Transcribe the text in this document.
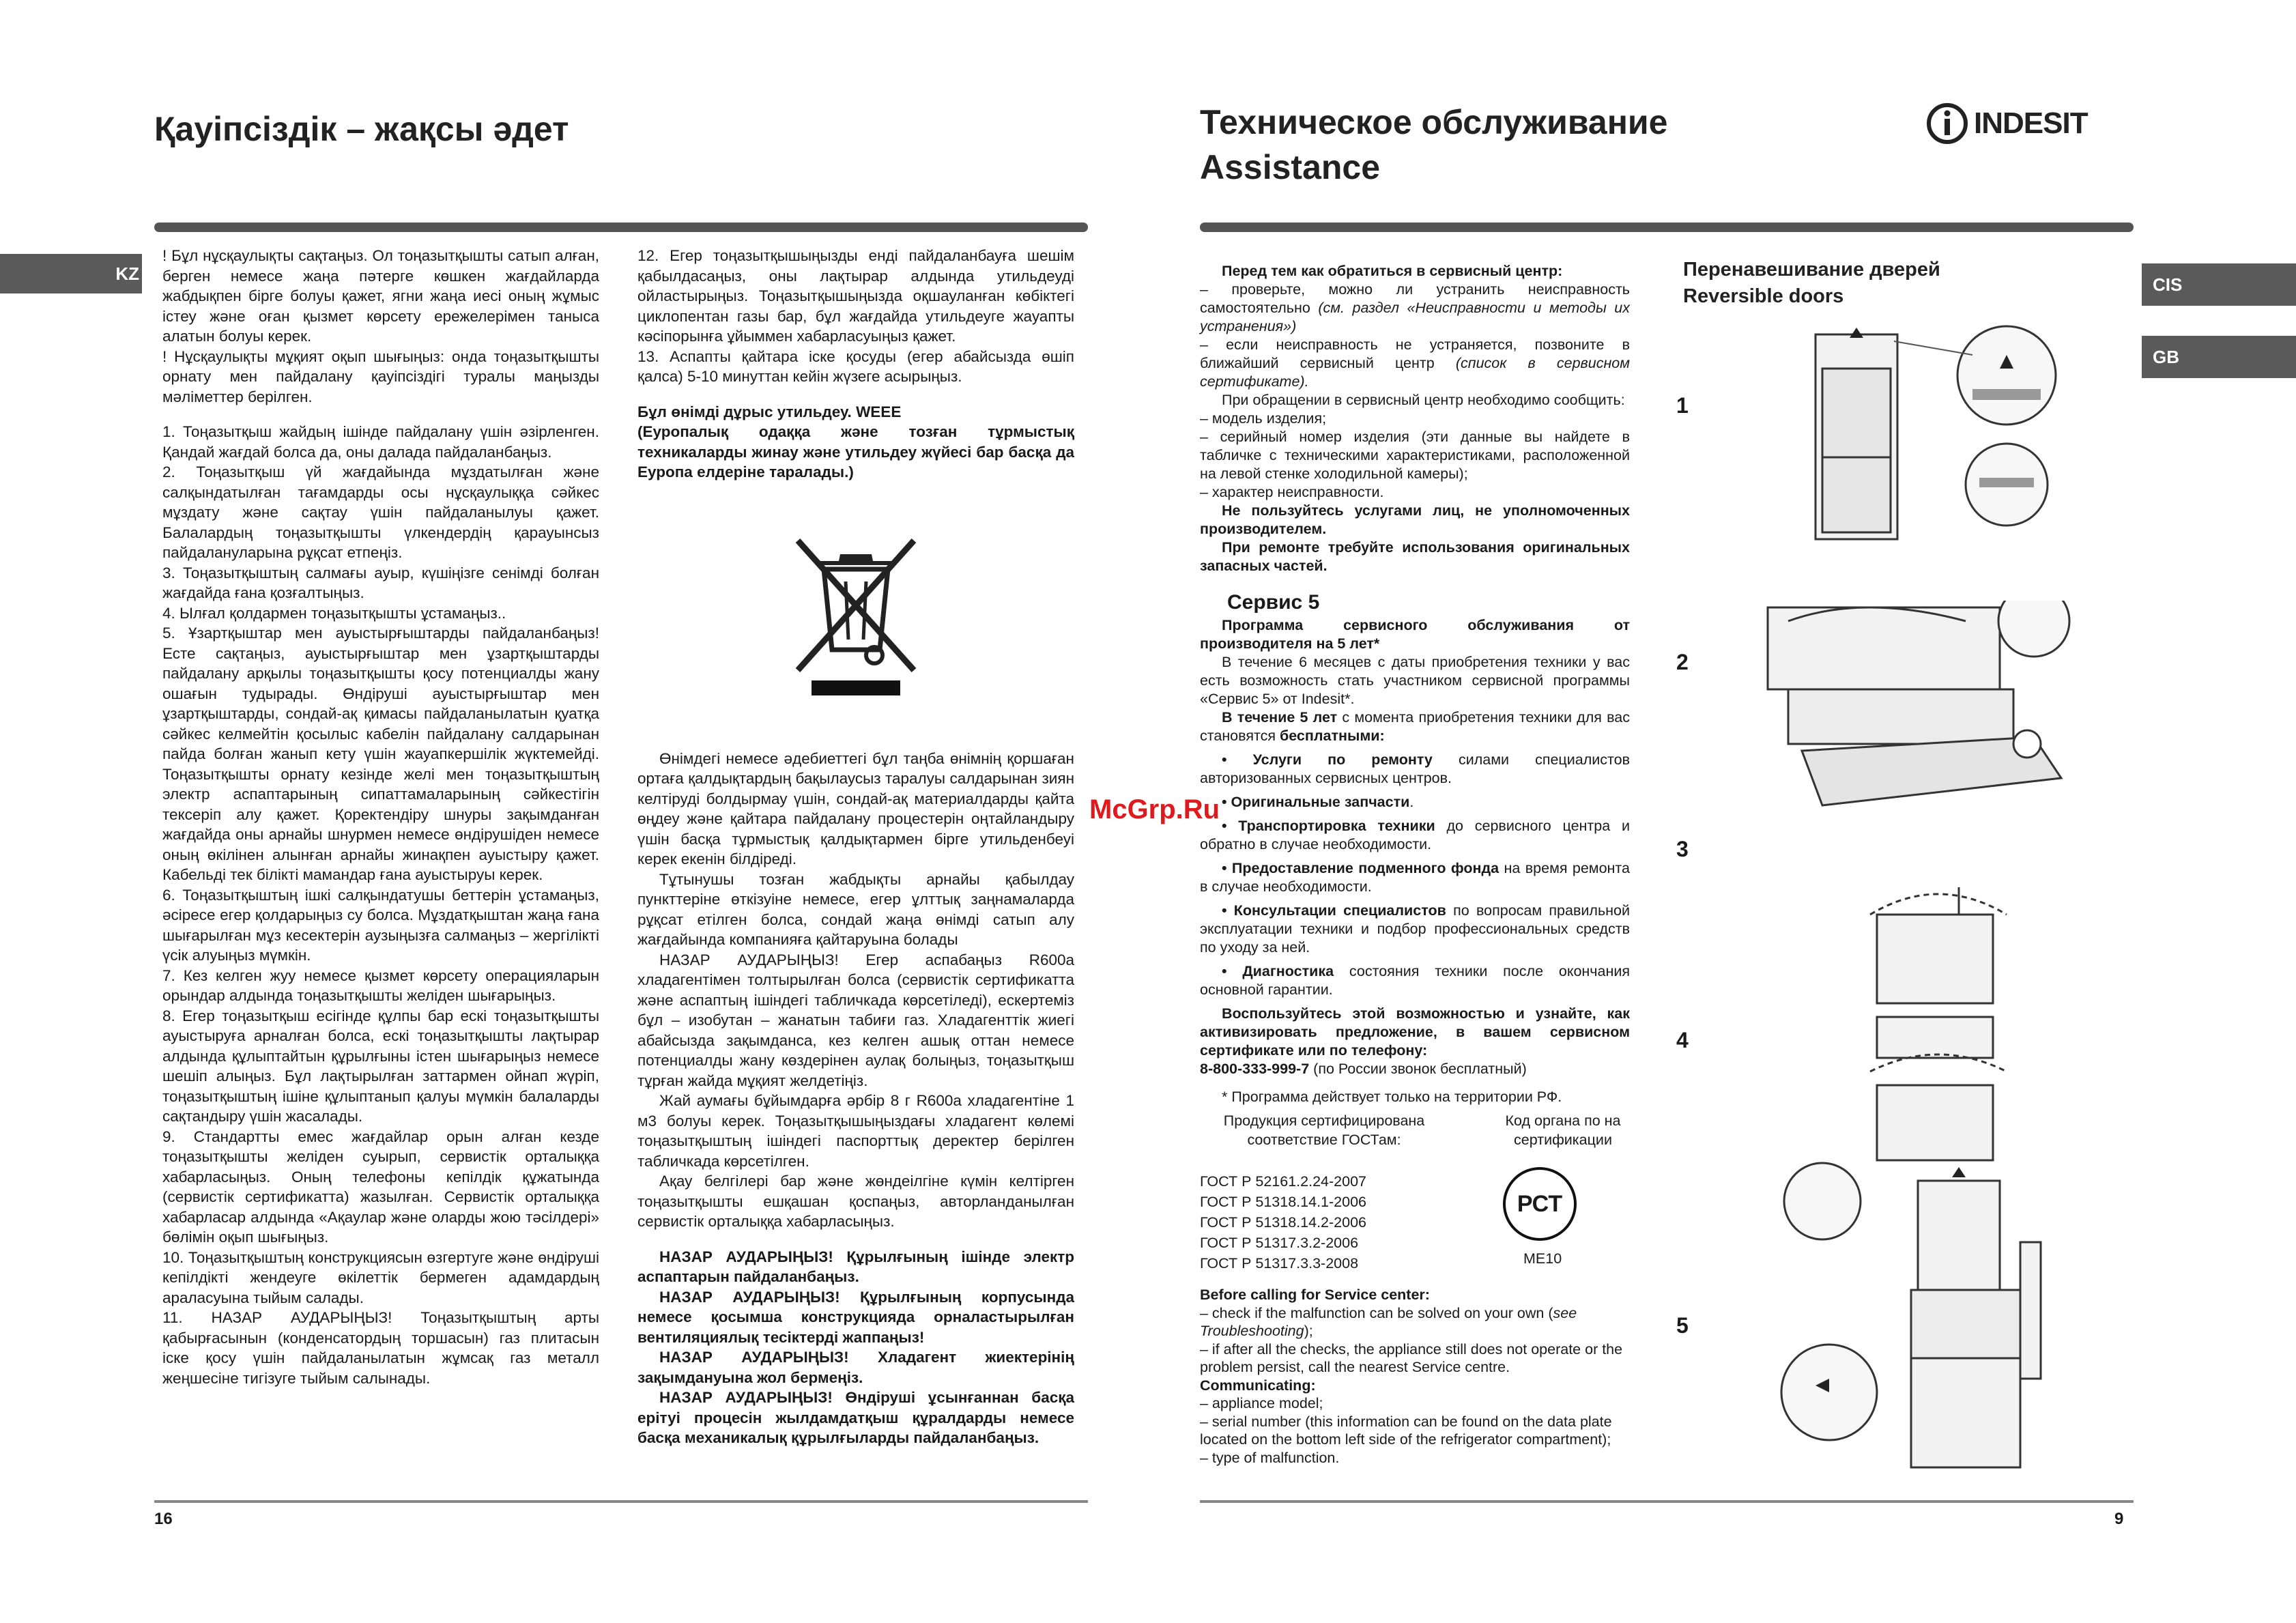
Қауіпсіздік – жақсы әдет
KZ

! Бұл нұсқаулықты сақтаңыз. Ол тоңазытқышты сатып алған, берген немесе жаңа пәтерге көшкен жағдайларда жабдықпен бірге болуы қажет, ягни жаңа иесі оның жұмыс істеу және оған қызмет көрсету ережелерімен таныса алатын болуы керек.

! Нұсқаулықты мұқият оқып шығыңыз: онда тоңазытқышты орнату мен пайдалану қауіпсіздігі туралы маңызды мәліметтер берілген.

1. Тоңазытқыш жайдың ішінде пайдалану үшін әзірленген. Қандай жағдай болса да, оны далада пайдаланбаңыз.

2. Тоңазытқыш үй жағдайында мұздатылған және салқындатылған тағамдарды осы нұсқаулыққа сәйкес мұздату және сақтау үшін пайдаланылуы қажет. Балалардың тоңазытқышты үлкендердің қарауынсыз пайдалануларына рұқсат етпеңіз.

3. Тоңазытқыштың салмағы ауыр, күшіңізге сенімді болған жағдайда ғана қозғалтыңыз.

4. Ылғал қолдармен тоңазытқышты ұстамаңыз..

5. Ұзартқыштар мен ауыстырғыштарды пайдаланбаңыз! Есте сақтаңыз, ауыстырғыштар мен ұзартқыштарды пайдалану арқылы тоңазытқышты қосу потенциалды жану ошағын тудырады. Өндіруші ауыстырғыштар мен ұзартқыштарды, сондай-ақ қимасы пайдаланылатын қуатқа сәйкес келмейтін қосылыс кабелін пайдалану салдарынан пайда болған жанып кету үшін жауапкершілік жүктемейді. Тоңазытқышты орнату кезінде желі мен тоңазытқыштың электр аспаптарының сипаттамаларының сәйкестігін тексеріп алу қажет. Қоректендіру шнуры зақымданған жағдайда оны арнайы шнурмен немесе өндірушіден немесе оның өкілінен алынған арнайы жинақпен ауыстыру қажет. Кабельді тек білікті мамандар ғана ауыстыруы керек.

6. Тоңазытқыштың ішкі салқындатушы беттерін ұстамаңыз, әсіресе егер қолдарыңыз су болса. Мұздатқыштан жаңа ғана шығарылған мұз кесектерін аузыңызға салмаңыз – жергілікті үсік алуыңыз мүмкін.

7. Кез келген жуу немесе қызмет көрсету операцияларын орындар алдында тоңазытқышты желіден шығарыңыз.

8. Егер тоңазытқыш есігінде құлпы бар ескі тоңазытқышты ауыстыруға арналған болса, ескі тоңазытқышты лақтырар алдында құлыптайтын құрылғыны істен шығарыңыз немесе шешіп алыңыз. Бұл лақтырылған заттармен ойнап жүріп, тоңазытқыштың ішіне құлыптанып қалуы мүмкін балаларды сақтандыру үшін жасалады.

9. Стандартты емес жағдайлар орын алған кезде тоңазытқышты желіден суырып, сервистік орталыққа хабарласыңыз. Оның телефоны кепілдік құжатында (сервистік сертификатта) жазылған. Сервистік орталыққа хабарласар алдында «Ақаулар және оларды жою тәсілдері» бөлімін оқып шығыңыз.

10. Тоңазытқыштың конструкциясын өзгертуге және өндіруші кепілдікті жендеуге өкілеттік бермеген адамдардың араласуына тыйым салады.

11. НАЗАР АУДАРЫҢЫЗ! Тоңазытқыштың арты қабырғасынын (конденсатордың торшасын) газ плитасын іске қосу үшін пайдаланылатын жұмсақ газ металл жеңшесіне тигізуге тыйым салынады.

12. Егер тоңазытқышыңызды енді пайдаланбауға шешім қабылдасаңыз, оны лақтырар алдында утильдеуді ойластырыңыз. Тоңазытқышыңызда оқшауланған көбіктегі циклопентан газы бар, бұл жағдайда утильдеуге жауапты кәсіпорынға ұйыммен хабарласуыңыз қажет.

13. Аспапты қайтара іске қосуды (егер абайсызда өшіп қалса) 5-10 минуттан кейін жүзеге асырыңыз.

Бұл өнімді дұрыс утильдеу. WEEE

(Еуропалық одаққа және тозған тұрмыстық техникаларды жинау және утильдеу жүйесі бар басқа да Еуропа елдеріне таралады.)

Өнімдегі немесе әдебиеттегі бұл таңба өнімнің қоршаған ортаға қалдықтардың бақылаусыз таралуы салдарынан зиян келтіруді болдырмау үшін, сондай-ақ материалдарды қайта өңдеу және қайтара пайдалану процестерін оңтайландыру үшін басқа тұрмыстық қалдықтармен бірге утильденбеуі керек екенін білдіреді.

Тұтынушы тозған жабдықты арнайы қабылдау пункттеріне өткізуіне немесе, егер ұлттық заңнамаларда рұқсат етілген болса, сондай жаңа өнімді сатып алу жағдайында компанияға қайтаруына болады

НАЗАР АУДАРЫҢЫЗ! Егер аспабаңыз R600a хладагентімен толтырылған болса (сервистік сертификатта және аспаптың ішіндегі табличкада көрсетіледі), ескертеміз бұл – изобутан – жанатын табиғи газ. Хладагенттік жиегі абайсызда зақымданса, кез келген ашық оттан немесе потенциалды жану көздерінен аулақ болыңыз, тоңазытқыш тұрған жайда мұқият желдетіңіз.

Жай аумағы бұйымдарға әрбір 8 г R600a хладагентіне 1 м3 болуы керек. Тоңазытқышыңыздағы хладагент көлемі тоңазытқыштың ішіндегі паспорттық деректер берілген табличкада көрсетілген.

Ақау белгілері бар және жөндеілгіне күмін келтірген тоңазытқышты ешқашан қоспаңыз, авторланданылған сервистік орталыққа хабарласыңыз.

НАЗАР АУДАРЫҢЫЗ! Құрылғының ішінде электр аспаптарын пайдаланбаңыз.

НАЗАР АУДАРЫҢЫЗ! Құрылғының корпусында немесе қосымша конструкцияда орналастырылған вентиляциялық тесіктерді жаппаңыз!

НАЗАР АУДАРЫҢЫЗ! Хладагент жиектерінің зақымдануына жол бермеңіз.

НАЗАР АУДАРЫҢЫЗ! Өндіруші ұсынғаннан басқа ерітуі процесін жылдамдатқыш құралдарды немесе басқа механикалық құрылғыларды пайдаланбаңыз.

16
Техническое обслуживание
Assistance
INDESIT
CIS
GB

Перед тем как обратиться в сервисный центр:

– проверьте, можно ли устранить неисправность самостоятельно (см. раздел «Неисправности и методы их устранения»)

– если неисправность не устраняется, позвоните в ближайший сервисный центр (список в сервисном сертификате).

При обращении в сервисный центр необходимо сообщить:

– модель изделия;

– серийный номер изделия (эти данные вы найдете в табличке с техническими характеристиками, расположенной на левой стенке холодильной камеры);

– характер неисправности.

Не пользуйтесь услугами лиц, не уполномоченных производителем.

При ремонте требуйте использования оригинальных запасных частей.

Сервис 5

Программа сервисного обслуживания от производителя на 5 лет*

В течение 6 месяцев с даты приобретения техники у вас есть возможность стать участником сервисной программы «Сервис 5» от Indesit*.

В течение 5 лет с момента приобретения техники для вас становятся бесплатными:

• Услуги по ремонту силами специалистов авторизованных сервисных центров.

• Оригинальные запчасти.

• Транспортировка техники до сервисного центра и обратно в случае необходимости.

• Предоставление подменного фонда на время ремонта в случае необходимости.

• Консультации специалистов по вопросам правильной эксплуатации техники и подбор профессиональных средств по уходу за ней.

• Диагностика состояния техники после окончания основной гарантии.

Воспользуйтесь этой возможностью и узнайте, как активизировать предложение, в вашем сервисном сертификате или по телефону:

8-800-333-999-7 (по России звонок бесплатный)

* Программа действует только на территории РФ.

Продукция сертифицирована соответствие ГОСТам:
Код органа по на сертификации
ГОСТ Р 52161.2.24-2007
ГОСТ Р 51318.14.1-2006
ГОСТ Р 51318.14.2-2006
ГОСТ Р 51317.3.2-2006
ГОСТ Р 51317.3.3-2008
РСТ
МЕ10

Before calling for Service center:

– check if the malfunction can be solved on your own (see Troubleshooting);

– if after all the checks, the appliance still does not operate or the problem persist, call the nearest Service centre.

Communicating:

– appliance model;

– serial number (this information can be found on the data plate located on the bottom left side of the refrigerator compartment);

– type of malfunction.

Перенавешивание дверей
Reversible doors
1
2
3
4
5
McGrp.Ru
9
